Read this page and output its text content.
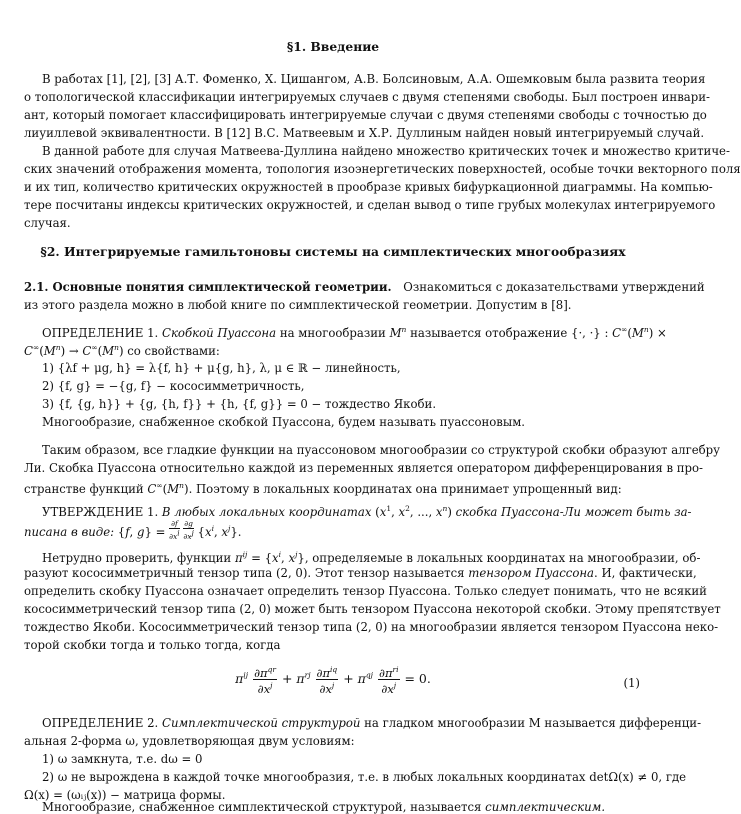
§1. Введение
В работах [1], [2], [3] А.Т. Фоменко, Х. Цишангом, А.В. Болсиновым, А.А. Ошемковым была развита теория
о топологической классификации интегрируемых случаев с двумя степенями свободы. Был построен инвари-
ант, который помогает классифицировать интегрируемые случаи с двумя степенями свободы с точностью до
лиуиллевой эквивалентности. В [12] В.С. Матвеевым и Х.Р. Дуллиным найден новый интегрируемый случай.
В данной работе для случая Матвеева-Дуллина найдено множество критических точек и множество критиче-
ских значений отображения момента, топология изоэнергетических поверхностей, особые точки векторного поля
и их тип, количество критических окружностей в прообразе кривых бифуркационной диаграммы. На компью-
тере посчитаны индексы критических окружностей, и сделан вывод о типе грубых молекулах интегрируемого
случая.
§2. Интегрируемые гамильтоновы системы на симплектических многообразиях
2.1. Основные понятия симплектической геометрии. Ознакомиться с доказательствами утверждений
из этого раздела можно в любой книге по симплектической геометрии. Допустим в [8].
ОПРЕДЕЛЕНИЕ 1. Скобкой Пуассона на многообразии $M^n$ называется отображение {·, ·} : $C^\infty(M^n)$ ×
$C^\infty(M^n) \to C^\infty(M^n)$ со свойствами:
1) {λf + μg, h} = λ{f, h} + μ{g, h}, λ, μ ∈ ℝ − линейность,
2) {f, g} = −{g, f} − кососимметричность,
3) {f, {g, h}} + {g, {h, f}} + {h, {f, g}} = 0 − тождество Якоби.
Многообразие, снабженное скобкой Пуассона, будем называть пуассоновым.
Таким образом, все гладкие функции на пуассоновом многообразии со структурой скобки образуют алгебру
Ли. Скобка Пуассона относительно каждой из переменных является оператором дифференцирования в про-
странстве функций $C^\infty(M^n)$. Поэтому в локальных координатах она принимает упрощенный вид:
УТВЕРЖДЕНИЕ 1. В любых локальных координатах ($x^1$, $x^2$, ..., $x^n$) скобка Пуассона-Ли может быть за-
писана в виде: {f, $g\} = \frac{\partial f}{\partial x^i}$
$\frac{\partial g}{\partial x^j} \{x^i$, $x^j$}.
Нетрудно проверить, функции $\pi^{ij} = \{x^i$, $x^j$}, определяемые в локальных координатах на многообразии, об-
разуют кососимметричный тензор типа (2, 0). Этот тензор называется тензором Пуассона. И, фактически,
определить скобку Пуассона означает определить тензор Пуассона. Только следует понимать, что не всякий
кососимметрический тензор типа (2, 0) может быть тензором Пуассона некоторой скобки. Этому препятствует
тождество Якоби. Кососимметрический тензор типа (2, 0) на многообразии является тензором Пуассона неко-
торой скобки тогда и только тогда, когда
$\pi^{ij} \frac{\partial\pi^{qr}}{\partial x^j} + \pi^{rj} \frac{\partial\pi^{iq}}{\partial x^j} + \pi^{qj} \frac{\partial\pi^{ri}}{\partial x^j} = 0$.	(1)
ОПРЕДЕЛЕНИЕ 2. Симплектической структурой на гладком многообразии M называется дифференци-
альная 2-форма ω, удовлетворяющая двум условиям:
1) ω замкнута, т.е. dω = 0
2) ω не вырождена в каждой точке многообразия, т.е. в любых локальных координатах detΩ(x) ≠ 0, где
Ω(x) = (ωᵢⱼ(x)) − матрица формы.
Многообразие, снабженное симплектической структурой, называется симплектическим.
